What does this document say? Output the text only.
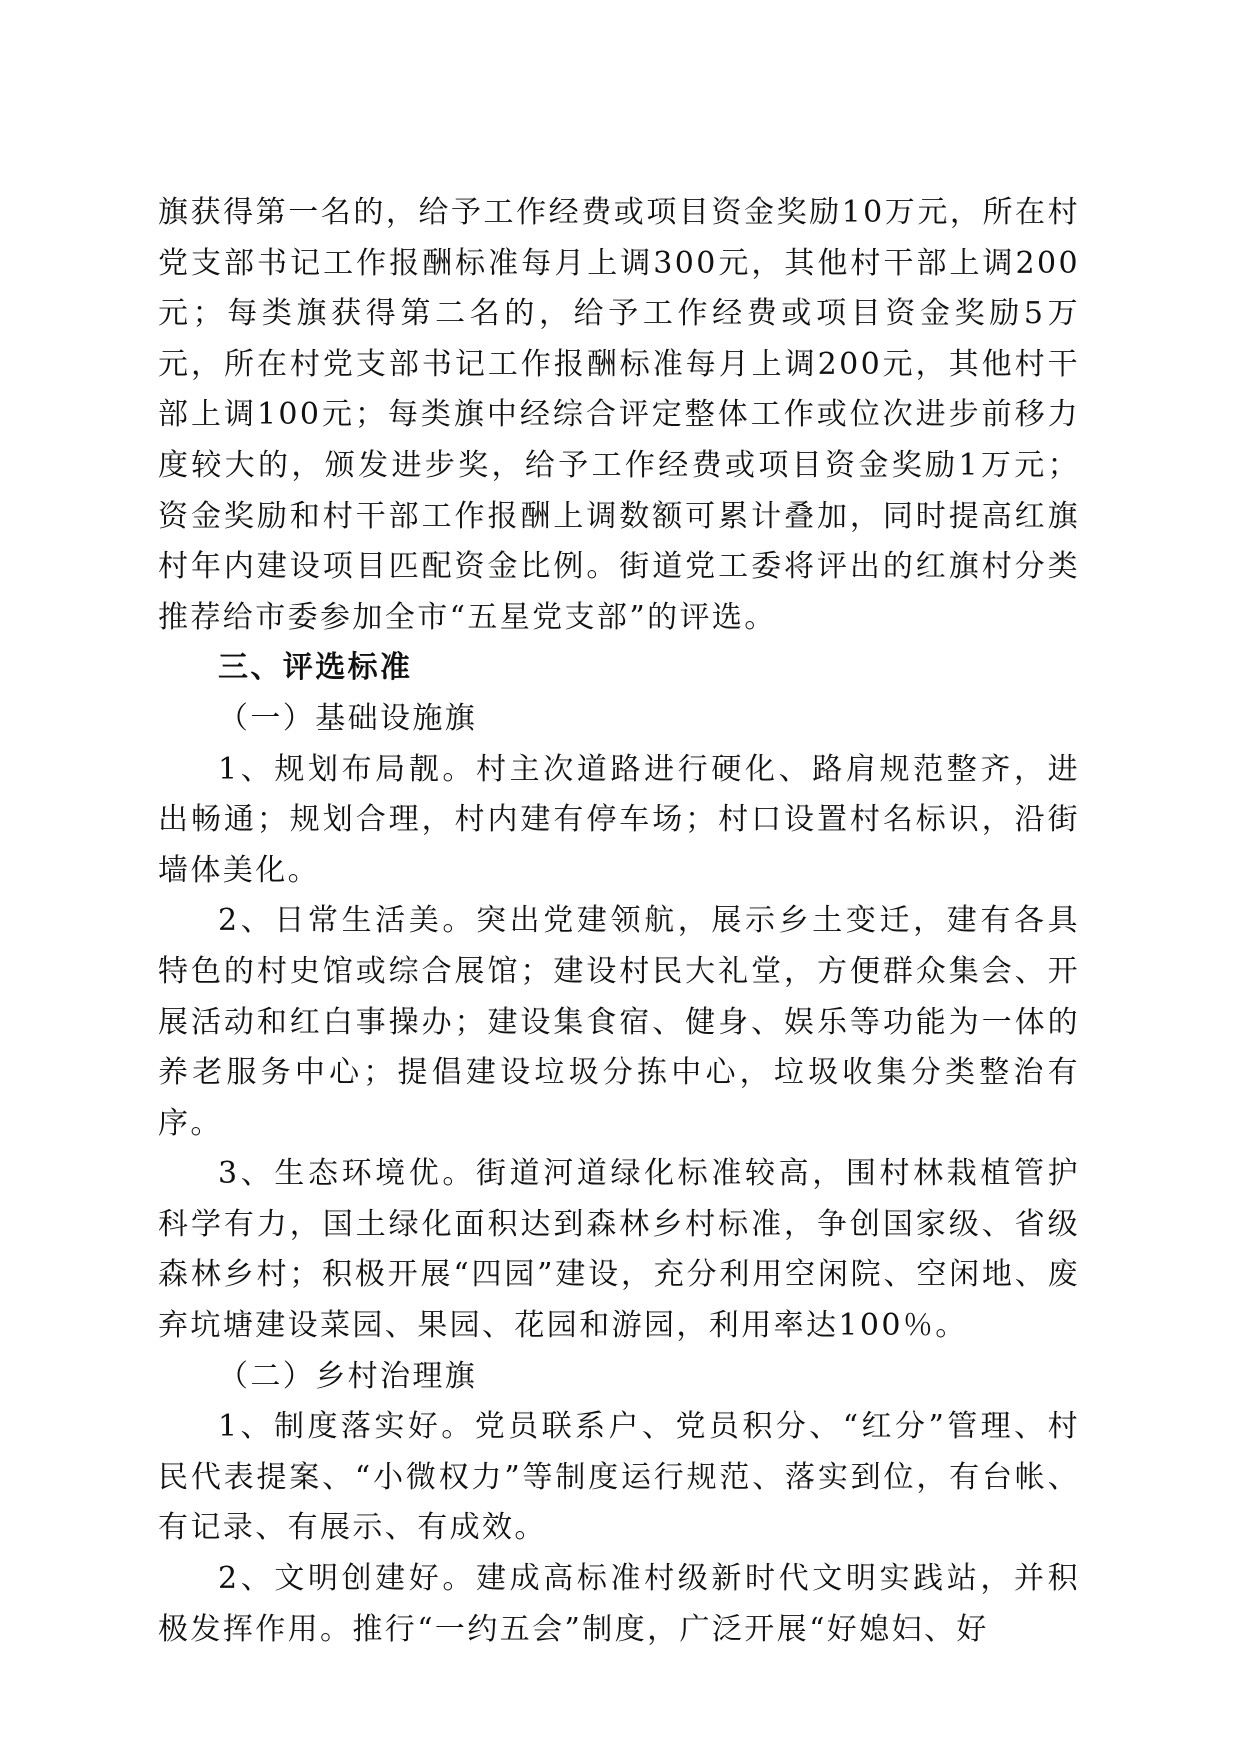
旗获得第一名的，给予工作经费或项目资金奖励10万元，所在村党支部书记工作报酬标准每月上调300元，其他村干部上调200元；每类旗获得第二名的，给予工作经费或项目资金奖励5万元，所在村党支部书记工作报酬标准每月上调200元，其他村干部上调100元；每类旗中经综合评定整体工作或位次进步前移力度较大的，颁发进步奖，给予工作经费或项目资金奖励1万元；资金奖励和村干部工作报酬上调数额可累计叠加，同时提高红旗村年内建设项目匹配资金比例。街道党工委将评出的红旗村分类推荐给市委参加全市“五星党支部”的评选。

三、评选标准

（一）基础设施旗

1、规划布局靓。村主次道路进行硬化、路肩规范整齐，进出畅通；规划合理，村内建有停车场；村口设置村名标识，沿街墙体美化。

2、日常生活美。突出党建领航，展示乡土变迁，建有各具特色的村史馆或综合展馆；建设村民大礼堂，方便群众集会、开展活动和红白事操办；建设集食宿、健身、娱乐等功能为一体的养老服务中心；提倡建设垃圾分拣中心，垃圾收集分类整治有序。

3、生态环境优。街道河道绿化标准较高，围村林栽植管护科学有力，国土绿化面积达到森林乡村标准，争创国家级、省级森林乡村；积极开展“四园”建设，充分利用空闲院、空闲地、废弃坑塘建设菜园、果园、花园和游园，利用率达100％。

（二）乡村治理旗

1、制度落实好。党员联系户、党员积分、“红分”管理、村民代表提案、“小微权力”等制度运行规范、落实到位，有台帐、有记录、有展示、有成效。

2、文明创建好。建成高标准村级新时代文明实践站，并积极发挥作用。推行“一约五会”制度，广泛开展“好媳妇、好
